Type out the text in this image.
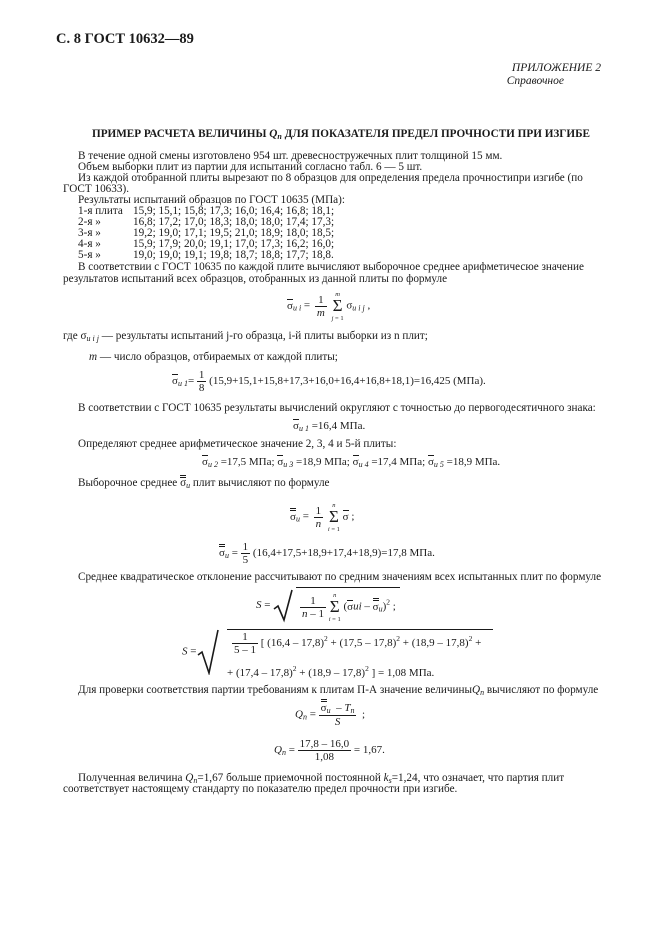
С. 8 ГОСТ 10632—89
ПРИЛОЖЕНИЕ 2
Справочное
ПРИМЕР РАСЧЕТА ВЕЛИЧИНЫ $Q_n$ ДЛЯ ПОКАЗАТЕЛЯ ПРЕДЕЛ ПРОЧНОСТИ ПРИ ИЗГИБЕ
В течение одной смены изготовлено 954 шт. древесностружечных плит толщиной 15 мм.
Объем выборки плит из партии для испытаний согласно табл. 6 — 5 шт.
Из каждой отобранной плиты вырезают по 8 образцов для определения предела прочностипри изгибе (по
ГОСТ 10633).
Результаты испытаний образцов по ГОСТ 10635 (МПа):
1-я плита 15,9; 15,1; 15,8; 17,3; 16,0; 16,4; 16,8; 18,1;
2-я »	16,8; 17,2; 17,0; 18,3; 18,0; 18,0; 17,4; 17,3;
3-я »	19,2; 19,0; 17,1; 19,5; 21,0; 18,9; 18,0; 18,5;
4-я »	15,9; 17,9; 20,0; 19,1; 17,0; 17,3; 16,2; 16,0;
5-я »	19,0; 19,0; 19,1; 19,8; 18,7; 18,8; 17,7; 18,8.
В соответствии с ГОСТ 10635 по каждой плите вычисляют выборочное среднее арифметичесюе значение
результатов испытаний всех образцов, отобранных из данной плиты по формуле
$\sigma_{u i} = \frac{1}{m}$ m
Σ
j = 1 $\sigma_{u i j}$ ,
где $\sigma_{u i j}$ — результаты испытаний j-го образца, i-й плиты выборки из n плит;
m — число образцов, отбираемых от каждой плиты;
$\sigma_{u 1}= \frac{1}{8} (15,9+15,1+15,8+17,3+16,0+16,4+16,8+18,1)=16,425$ (МПа).
В соответствии с ГОСТ 10635 результаты вычислений округляют с точностью до первогодесятичного знака:
$\sigma_{u 1} =16,4$ МПа.
Определяют среднее арифметическое значение 2, 3, 4 и 5-й плиты:
$\sigma_{u 2} =17,5$ МПа; $\sigma_{u 3} =18,9$ МПа; $\sigma_{u 4} =17,4$ МПа; $\sigma_{u 5} =18,9$ МПа.
Выборочное среднее $\sigma_u$ плит вычисляют по формуле
$\sigma_u = \frac{1}{n}$ n
Σ
i = 1 σ ;
$\sigma_u = \frac{1}{5} (16,4+17,5+18,9+17,4+18,9)=17,8$ МПа.
Среднее квадратическое отклонение рассчитывают по средним значениям всех испытанных плит по формуле
$S = \frac{1}{n - 1}$ n
Σ
i = 1 $(\sigma ui - \sigma_u)^2$ ;
S =	$\frac{1}{5 - 1}$ [ (16,4 – 17,8)$^2$ + (17,5 – 17,8)$^2$ + (18,9 – 17,8)$^2$ +
+ (17,4 – 17,8)$^2$ + (18,9 – 17,8)$^2$ ] = 1,08 МПа.
Для проверки соответствия партии требованиям к плитам П-А значение величиныQ$_n$ вычисляют по формуле
$Q_n = \frac{\sigma_u - T_n}{S}$ ;
$Q_n = \frac{17,8 - 16,0}{1,08} = 1,67$.
Полученная величина $Q_n=1,67$ больше приемочной постоянной $k_s=1,24$, что означает, что партия плит
соответствует настоящему стандарту по показателю предел прочности при изгибе.
